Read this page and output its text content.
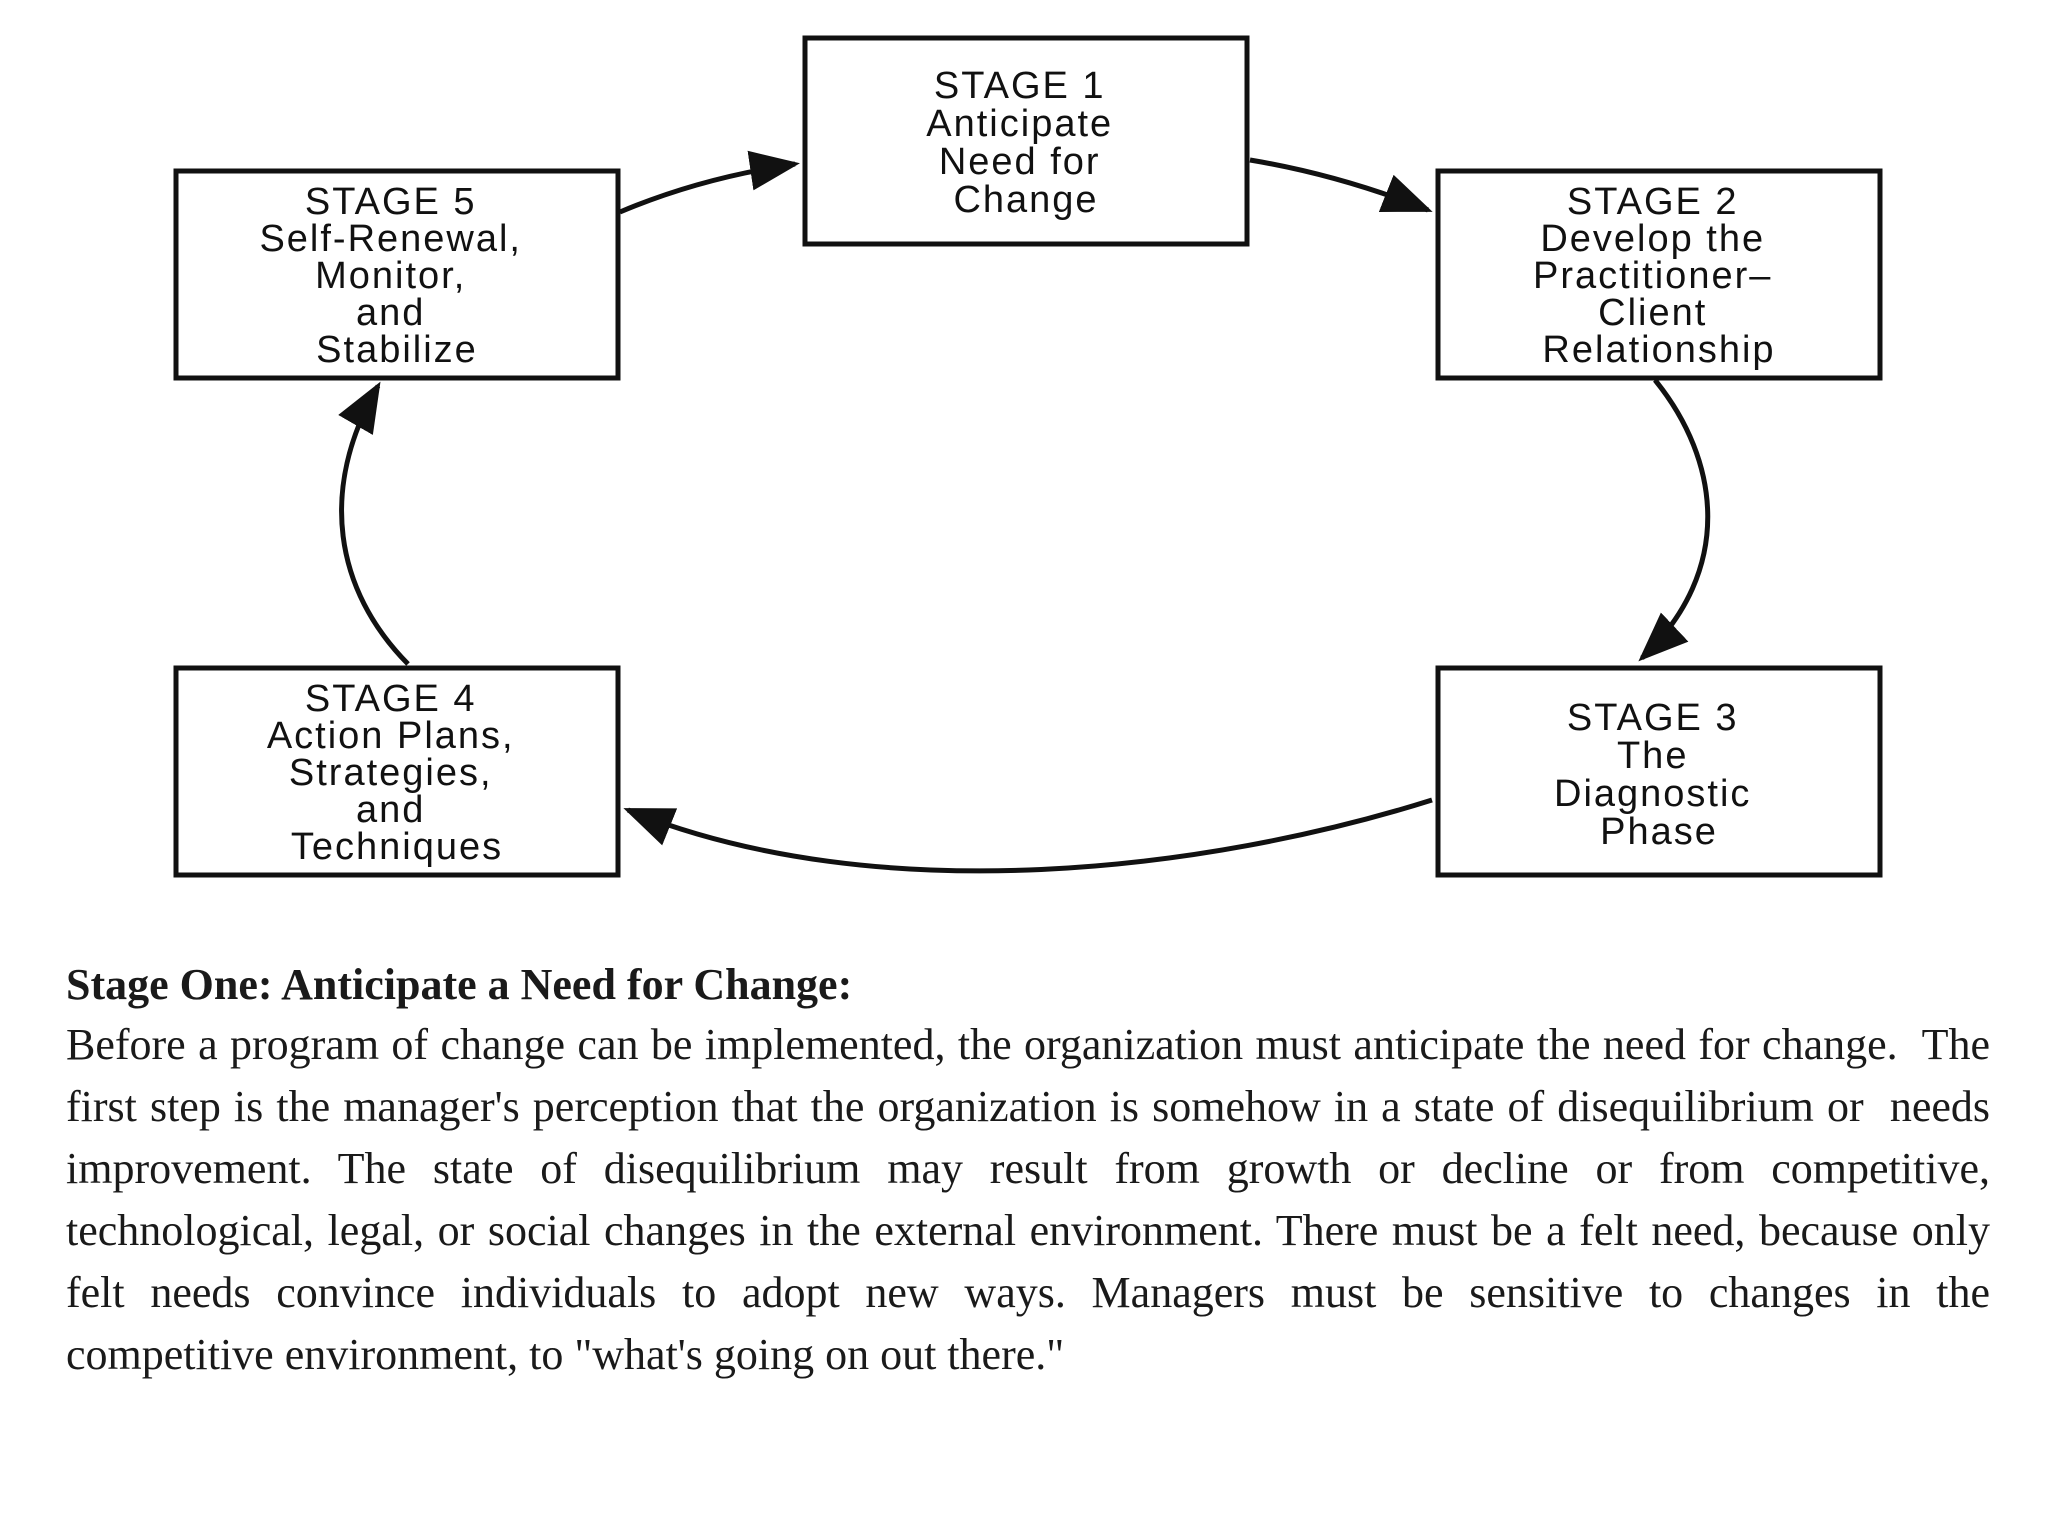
STAGE 1 Anticipate Need for Change	STAGE 2 Develop the Practitioner– Client Relationship
STAGE 3 The Diagnostic Phase
STAGE 4 Action Plans, Strategies, and Techniques
STAGE 5 Self-Renewal, Monitor, and Stabilize

Stage One: Anticipate a Need for Change:

Before a program of change can be implemented, the organization must anticipate the need for change.  The first step is the manager's perception that the organization is somehow in a state of disequilibrium or  needs improvement. The state of disequilibrium may result from growth or decline or from competitive,  technological, legal, or social changes in the external environment. There must be a felt need, because only  felt needs convince individuals to adopt new ways. Managers must be sensitive to changes in the  competitive environment, to "what's going on out there."
